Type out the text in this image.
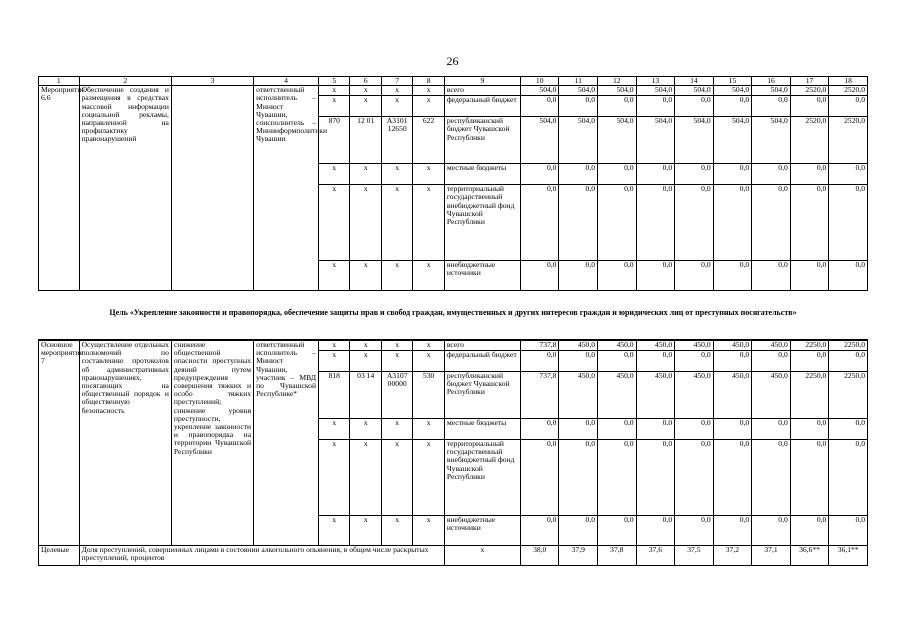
26
1	2	3	4	5	6	7	8	9	10	11	12	13	14	15	16	17	18
Мероприятие 6.6	Обеспечение создания и размещения в средствах массовой информации социальной рекламы, направленной на профилактику правонарушений		ответственный исполнитель – Минюст Чувашии, соисполнитель – Мининформполитики Чувашии	x	x	x	x	всего	504,0	504,0	504,0	504,0	504,0	504,0	504,0	2520,0	2520,0
				x	x	x	x	федеральный бюджет	0,0	0,0	0,0	0,0	0,0	0,0	0,0	0,0	0,0
				870	12 01	А3101 12650	622	республиканский бюджет Чувашской Республики	504,0	504,0	504,0	504,0	504,0	504,0	504,0	2520,0	2520,0
				x	x	x	x	местные бюджеты	0,0	0,0	0,0	0,0	0,0	0,0	0,0	0,0	0,0
				x	x	x	x	территориальный государственный внебюджетный фонд Чувашской Республики	0,0	0,0	0,0	0,0	0,0	0,0	0,0	0,0	0,0
				x	x	x	x	внебюджетные источники	0,0	0,0	0,0	0,0	0,0	0,0	0,0	0,0	0,0
Цель «Укрепление законности и правопорядка, обеспечение защиты прав и свобод граждан, имущественных и других интересов граждан и юридических лиц от преступных посягательств»
Основное мероприятие 7	Осуществление отдельных полномочий по составлению протоколов об административных правонарушениях, посягающих на общественный порядок и общественную безопасность	снижение общественной опасности преступных деяний путем предупреждения совершения тяжких и особо тяжких преступлений; снижение уровня преступности, укрепление законности и правопорядка на территории Чувашской Республики	ответственный исполнитель – Минюст Чувашии, участник – МВД по Чувашской Республике*	x	x	x	x	всего	737,8	450,0	450,0	450,0	450,0	450,0	450,0	2250,0	2250,0
				x	x	x	x	федеральный бюджет	0,0	0,0	0,0	0,0	0,0	0,0	0,0	0,0	0,0
				818	03 14	А3107 00000	530	республиканский бюджет Чувашской Республики	737,8	450,0	450,0	450,0	450,0	450,0	450,0	2250,0	2250,0
				x	x	x	x	местные бюджеты	0,0	0,0	0,0	0,0	0,0	0,0	0,0	0,0	0,0
				x	x	x	x	территориальный государственный внебюджетный фонд Чувашской Республики	0,0	0,0	0,0	0,0	0,0	0,0	0,0	0,0	0,0
				x	x	x	x	внебюджетные источники	0,0	0,0	0,0	0,0	0,0	0,0	0,0	0,0	0,0
Целевые	Доля преступлений, совершенных лицами в состоянии алкогольного опьянения, в общем числе раскрытых преступлений, процентов							x	38,0	37,9	37,8	37,6	37,5	37,2	37,1	36,6**	36,1**
